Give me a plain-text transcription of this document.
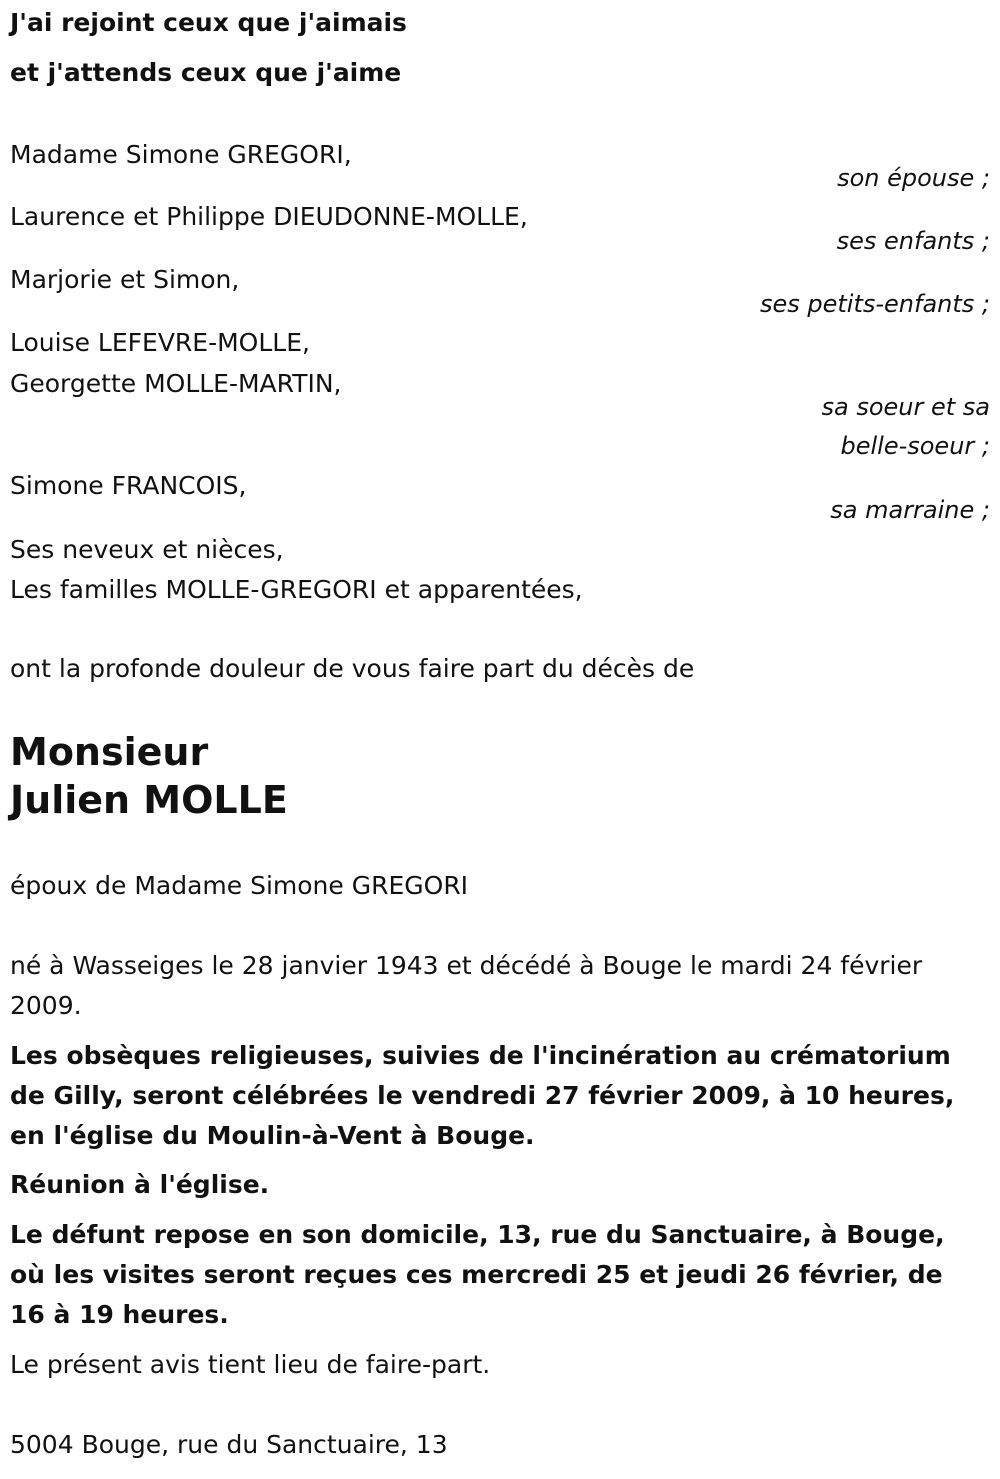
J'ai rejoint ceux que j'aimais
et j'attends ceux que j'aime
Madame Simone GREGORI,
son épouse ;
Laurence et Philippe DIEUDONNE-MOLLE,
ses enfants ;
Marjorie et Simon,
ses petits-enfants ;
Louise LEFEVRE-MOLLE,
Georgette MOLLE-MARTIN,
sa soeur et sa
belle-soeur ;
Simone FRANCOIS,
sa marraine ;
Ses neveux et nièces,
Les familles MOLLE-GREGORI et apparentées,
ont la profonde douleur de vous faire part du décès de
Monsieur
Julien MOLLE
époux de Madame Simone GREGORI
né à Wasseiges le 28 janvier 1943 et décédé à Bouge le mardi 24 février 2009.
Les obsèques religieuses, suivies de l'incinération au crématorium de Gilly, seront célébrées le vendredi 27 février 2009, à 10 heures, en l'église du Moulin-à-Vent à Bouge.
Réunion à l'église.
Le défunt repose en son domicile, 13, rue du Sanctuaire, à Bouge, où les visites seront reçues ces mercredi 25 et jeudi 26 février, de 16 à 19 heures.
Le présent avis tient lieu de faire-part.
5004 Bouge, rue du Sanctuaire, 13
